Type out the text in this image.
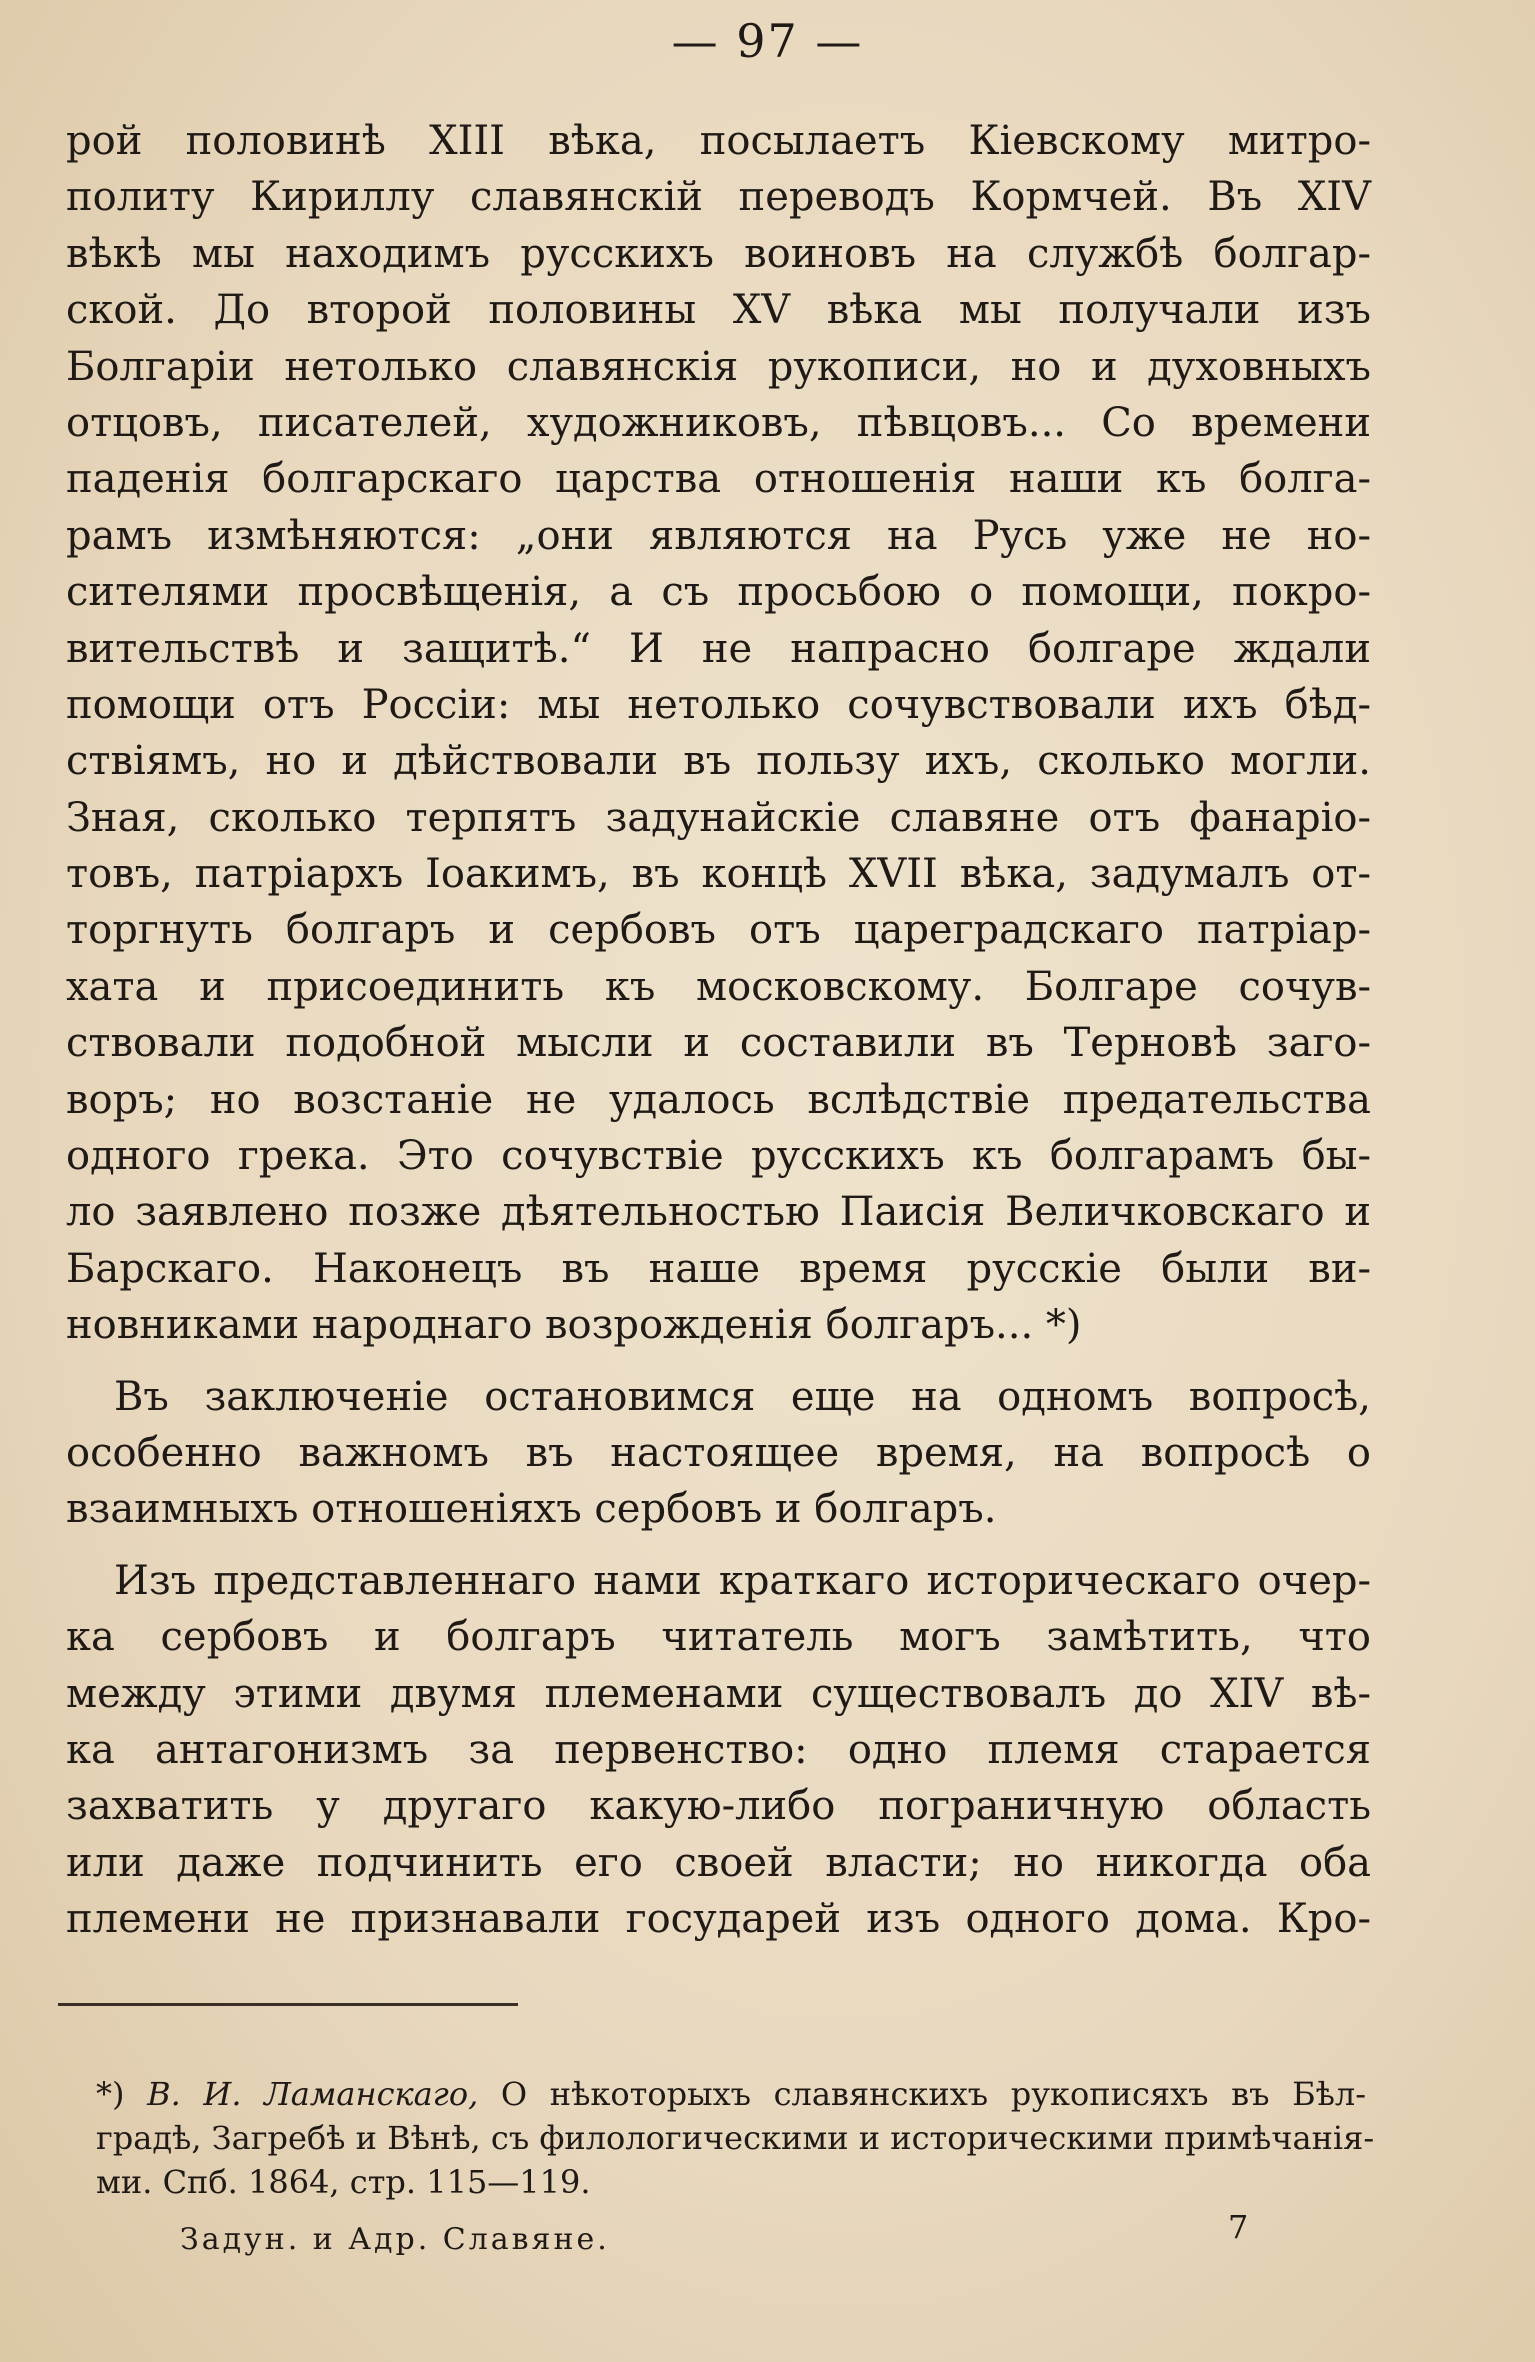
— 97 —
рой половинѣ XIII вѣка, посылаетъ Кіевскому митро-
политу Кириллу славянскій переводъ Кормчей. Въ XIV
вѣкѣ мы находимъ русскихъ воиновъ на службѣ болгар-
ской. До второй половины XV вѣка мы получали изъ
Болгаріи нетолько славянскія рукописи, но и духовныхъ
отцовъ, писателей, художниковъ, пѣвцовъ... Со времени
паденія болгарскаго царства отношенія наши къ болга-
рамъ измѣняются: „они являются на Русь уже не но-
сителями просвѣщенія, а съ просьбою о помощи, покро-
вительствѣ и защитѣ.“ И не напрасно болгаре ждали
помощи отъ Россіи: мы нетолько сочувствовали ихъ бѣд-
ствіямъ, но и дѣйствовали въ пользу ихъ, сколько могли.
Зная, сколько терпятъ задунайскіе славяне отъ фанаріо-
товъ, патріархъ Іоакимъ, въ концѣ XVII вѣка, задумалъ от-
торгнуть болгаръ и сербовъ отъ цареградскаго патріар-
хата и присоединить къ московскому. Болгаре сочув-
ствовали подобной мысли и составили въ Терновѣ заго-
воръ; но возстаніе не удалось вслѣдствіе предательства
одного грека. Это сочувствіе русскихъ къ болгарамъ бы-
ло заявлено позже дѣятельностью Паисія Величковскаго и
Барскаго. Наконецъ въ наше время русскіе были ви-
новниками народнаго возрожденія болгаръ... *)
Въ заключеніе остановимся еще на одномъ вопросѣ,
особенно важномъ въ настоящее время, на вопросѣ о
взаимныхъ отношеніяхъ сербовъ и болгаръ.
Изъ представленнаго нами краткаго историческаго очер-
ка сербовъ и болгаръ читатель могъ замѣтить, что
между этими двумя племенами существовалъ до XIV вѣ-
ка антагонизмъ за первенство: одно племя старается
захватить у другаго какую-либо пограничную область
или даже подчинить его своей власти; но никогда оба
племени не признавали государей изъ одного дома. Кро-
*) В. И. Ламанскаго, О нѣкоторыхъ славянскихъ рукописяхъ въ Бѣл-
градѣ, Загребѣ и Вѣнѣ, съ филологическими и историческими примѣчанія-
ми. Спб. 1864, стр. 115—119.
Задун. и Адр. Славяне.	7
